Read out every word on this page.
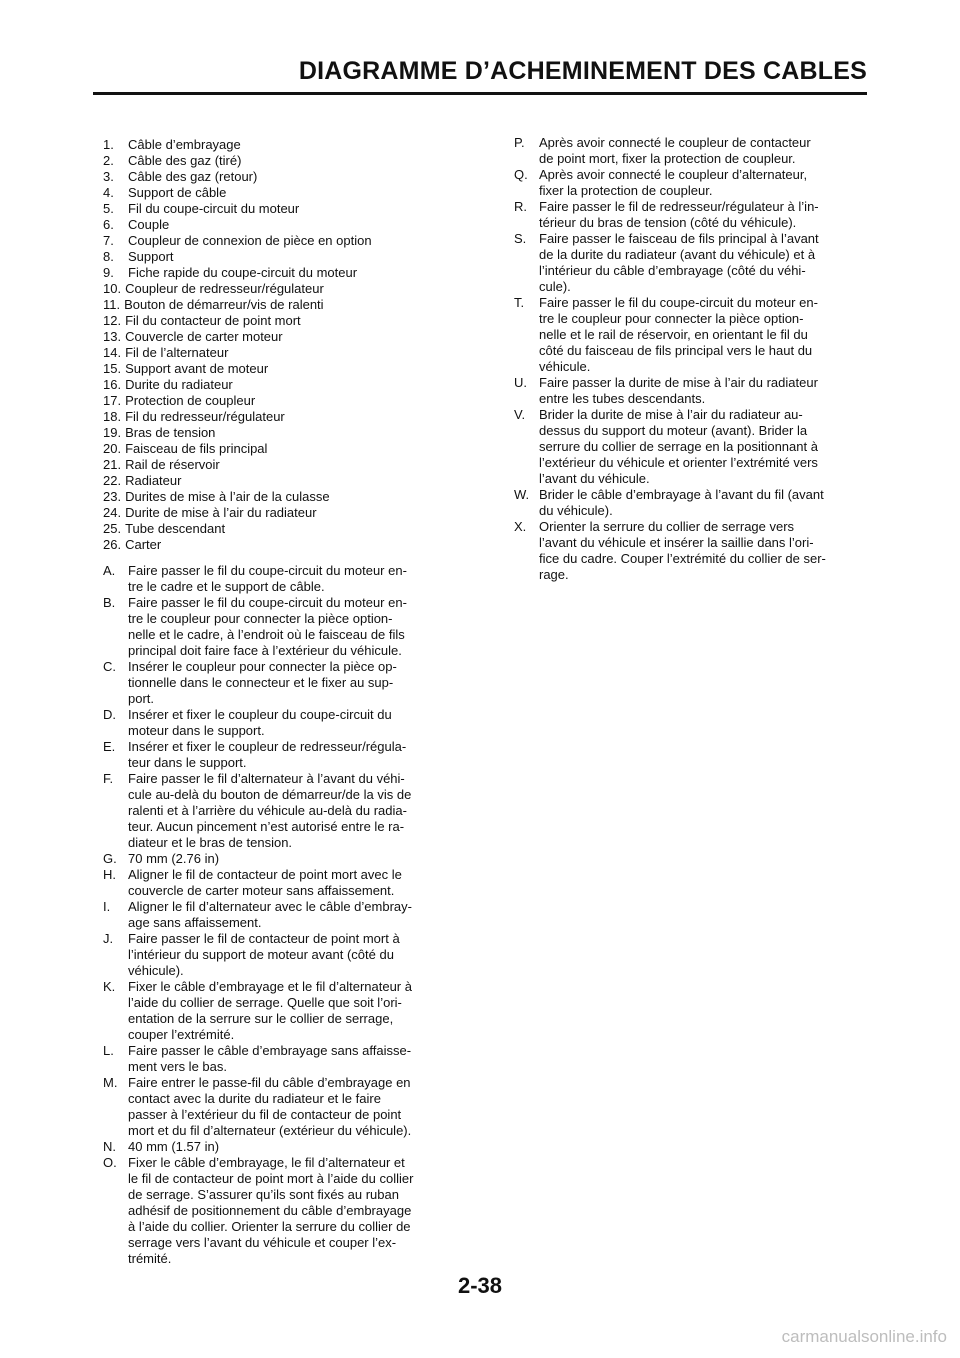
DIAGRAMME D’ACHEMINEMENT DES CABLES
1. Câble d’embrayage
2. Câble des gaz (tiré)
3. Câble des gaz (retour)
4. Support de câble
5. Fil du coupe-circuit du moteur
6. Couple
7. Coupleur de connexion de pièce en option
8. Support
9. Fiche rapide du coupe-circuit du moteur
10. Coupleur de redresseur/régulateur
11. Bouton de démarreur/vis de ralenti
12. Fil du contacteur de point mort
13. Couvercle de carter moteur
14. Fil de l’alternateur
15. Support avant de moteur
16. Durite du radiateur
17. Protection de coupleur
18. Fil du redresseur/régulateur
19. Bras de tension
20. Faisceau de fils principal
21. Rail de réservoir
22. Radiateur
23. Durites de mise à l’air de la culasse
24. Durite de mise à l’air du radiateur
25. Tube descendant
26. Carter
A. Faire passer le fil du coupe-circuit du moteur en-
tre le cadre et le support de câble.
B. Faire passer le fil du coupe-circuit du moteur en-
tre le coupleur pour connecter la pièce option-
nelle et le cadre, à l’endroit où le faisceau de fils
principal doit faire face à l’extérieur du véhicule.
C. Insérer le coupleur pour connecter la pièce op-
tionnelle dans le connecteur et le fixer au sup-
port.
D. Insérer et fixer le coupleur du coupe-circuit du
moteur dans le support.
E. Insérer et fixer le coupleur de redresseur/régula-
teur dans le support.
F. Faire passer le fil d’alternateur à l’avant du véhi-
cule au-delà du bouton de démarreur/de la vis de
ralenti et à l’arrière du véhicule au-delà du radia-
teur. Aucun pincement n’est autorisé entre le ra-
diateur et le bras de tension.
G. 70 mm (2.76 in)
H. Aligner le fil de contacteur de point mort avec le
couvercle de carter moteur sans affaissement.
I. Aligner le fil d’alternateur avec le câble d’embray-
age sans affaissement.
J. Faire passer le fil de contacteur de point mort à
l’intérieur du support de moteur avant (côté du
véhicule).
K. Fixer le câble d’embrayage et le fil d’alternateur à
l’aide du collier de serrage. Quelle que soit l’ori-
entation de la serrure sur le collier de serrage,
couper l’extrémité.
L. Faire passer le câble d’embrayage sans affaisse-
ment vers le bas.
M. Faire entrer le passe-fil du câble d’embrayage en
contact avec la durite du radiateur et le faire
passer à l’extérieur du fil de contacteur de point
mort et du fil d’alternateur (extérieur du véhicule).
N. 40 mm (1.57 in)
O. Fixer le câble d’embrayage, le fil d’alternateur et
le fil de contacteur de point mort à l’aide du collier
de serrage. S’assurer qu’ils sont fixés au ruban
adhésif de positionnement du câble d’embrayage
à l’aide du collier. Orienter la serrure du collier de
serrage vers l’avant du véhicule et couper l’ex-
trémité.
P. Après avoir connecté le coupleur de contacteur
de point mort, fixer la protection de coupleur.
Q. Après avoir connecté le coupleur d’alternateur,
fixer la protection de coupleur.
R. Faire passer le fil de redresseur/régulateur à l’in-
térieur du bras de tension (côté du véhicule).
S. Faire passer le faisceau de fils principal à l’avant
de la durite du radiateur (avant du véhicule) et à
l’intérieur du câble d’embrayage (côté du véhi-
cule).
T. Faire passer le fil du coupe-circuit du moteur en-
tre le coupleur pour connecter la pièce option-
nelle et le rail de réservoir, en orientant le fil du
côté du faisceau de fils principal vers le haut du
véhicule.
U. Faire passer la durite de mise à l’air du radiateur
entre les tubes descendants.
V. Brider la durite de mise à l’air du radiateur au-
dessus du support du moteur (avant). Brider la
serrure du collier de serrage en la positionnant à
l’extérieur du véhicule et orienter l’extrémité vers
l’avant du véhicule.
W. Brider le câble d’embrayage à l’avant du fil (avant
du véhicule).
X. Orienter la serrure du collier de serrage vers
l’avant du véhicule et insérer la saillie dans l’ori-
fice du cadre. Couper l’extrémité du collier de ser-
rage.
2-38
carmanualsonline.info
